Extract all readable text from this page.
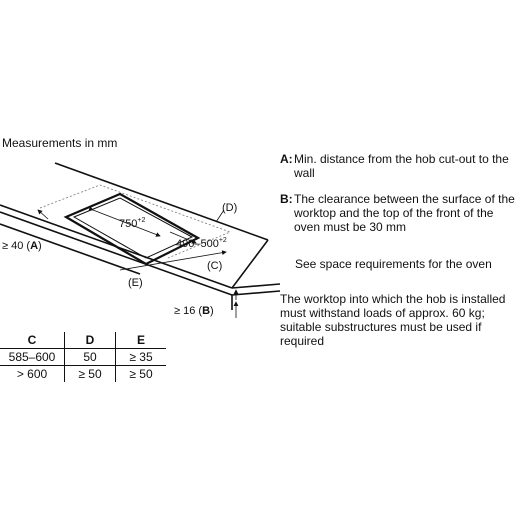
Measurements in mm
$750^{+2}$
$490-500^{+2}$
(D)
(C)
(E)
≥ 40 (A)
≥ 16 (B)
C	D	E
585–600	50	≥ 35
> 600	≥ 50	≥ 50
A: Min. distance from the hob cut-out to the wall
B: The clearance between the surface of the worktop and the top of the front of the oven must be 30 mm
See space requirements for the oven
The worktop into which the hob is installed must withstand loads of approx. 60 kg; suitable substructures must be used if required
